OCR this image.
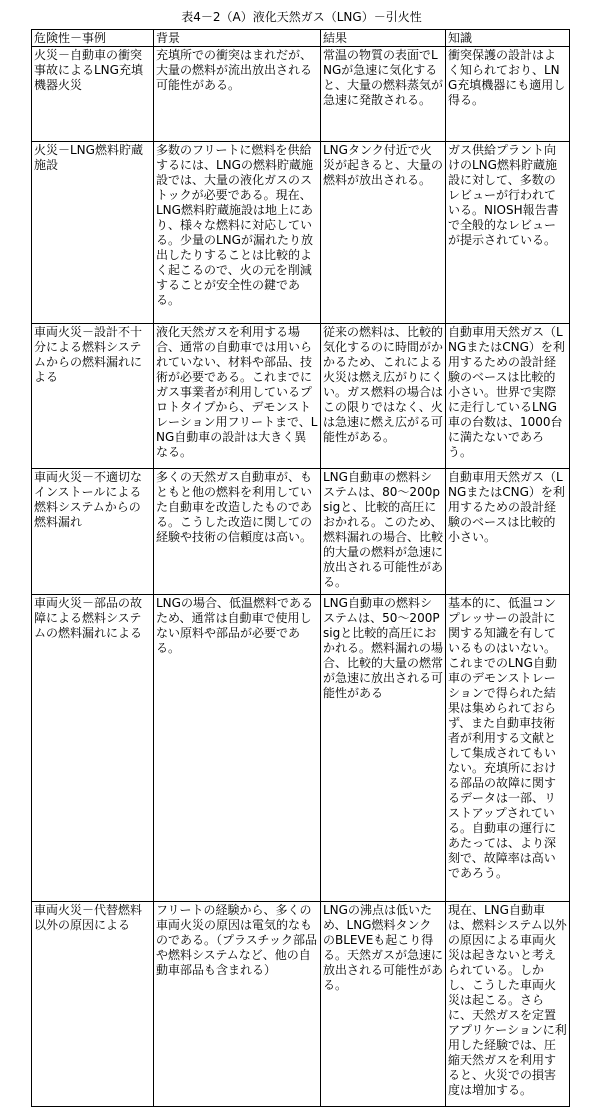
表4－2（A）液化天然ガス（LNG）－引火性
危険性－事例	背景	結果	知識
火災－自動車の衝突事故によるLNG充填機器火災	充填所での衝突はまれだが、大量の燃料が流出放出される可能性がある。	常温の物質の表面でLNGが急速に気化すると、大量の燃料蒸気が急速に発散される。	衝突保護の設計はよく知られており、LNG充填機器にも適用し得る。
火災－LNG燃料貯蔵施設	多数のフリートに燃料を供給するには、LNGの燃料貯蔵施設では、大量の液化ガスのストックが必要である。現在、LNG燃料貯蔵施設は地上にあり、様々な燃料に対応している。少量のLNGが漏れたり放出したりすることは比較的よく起こるので、火の元を削減することが安全性の鍵である。	LNGタンク付近で火災が起きると、大量の燃料が放出される。	ガス供給プラント向けのLNG燃料貯蔵施設に対して、多数のレビューが行われている。NIOSH報告書で全般的なレビューが提示されている。
車両火災－設計不十分による燃料システムからの燃料漏れによる	液化天然ガスを利用する場合、通常の自動車では用いられていない、材料や部品、技術が必要である。これまでにガス事業者が利用しているプロトタイプから、デモンストレーション用フリートまで、LNG自動車の設計は大きく異なる。	従来の燃料は、比較的気化するのに時間がかかるため、これによる火災は燃え広がりにくい。ガス燃料の場合はこの限りではなく、火は急速に燃え広がる可能性がある。	自動車用天然ガス（LNGまたはCNG）を利用するための設計経験のベースは比較的小さい。世界で実際に走行しているLNG車の台数は、1000台に満たないであろう。
車両火災－不適切なインストールによる燃料システムからの燃料漏れ	多くの天然ガス自動車が、もともと他の燃料を利用していた自動車を改造したものである。こうした改造に関しての経験や技術の信頼度は高い。	LNG自動車の燃料システムは、80～200psigと、比較的高圧におかれる。このため、燃料漏れの場合、比較的大量の燃料が急速に放出される可能性がある。	自動車用天然ガス（LNGまたはCNG）を利用するための設計経験のベースは比較的小さい。
車両火災－部品の故障による燃料システムの燃料漏れによる	LNGの場合、低温燃料であるため、通常は自動車で使用しない原料や部品が必要である。	LNG自動車の燃料システムは、50～200Psigと比較的高圧におかれる。燃料漏れの場合、比較的大量の燃常が急速に放出される可能性がある	基本的に、低温コンプレッサーの設計に関する知識を有しているものはいない。これまでのLNG自動車のデモンストレーションで得られた結果は集められておらず、また自動車技術者が利用する文献として集成されてもいない。充填所における部品の故障に関するデータは一部、リストアップされている。自動車の運行にあたっては、より深刻で、故障率は高いであろう。
車両火災－代替燃料以外の原因による	フリートの経験から、多くの車両火災の原因は電気的なものである。（プラスチック部品や燃料システムなど、他の自動車部品も含まれる）	LNGの沸点は低いため、LNG燃料タンクのBLEVEも起こり得る。天然ガスが急速に放出される可能性がある。	現在、LNG自動車は、燃料システム以外の原因による車両火災は起きないと考えられている。しかし、こうした車両火災は起こる。さらに、天然ガスを定置アプリケーションに利用した経験では、圧縮天然ガスを利用すると、火災での損害度は増加する。
